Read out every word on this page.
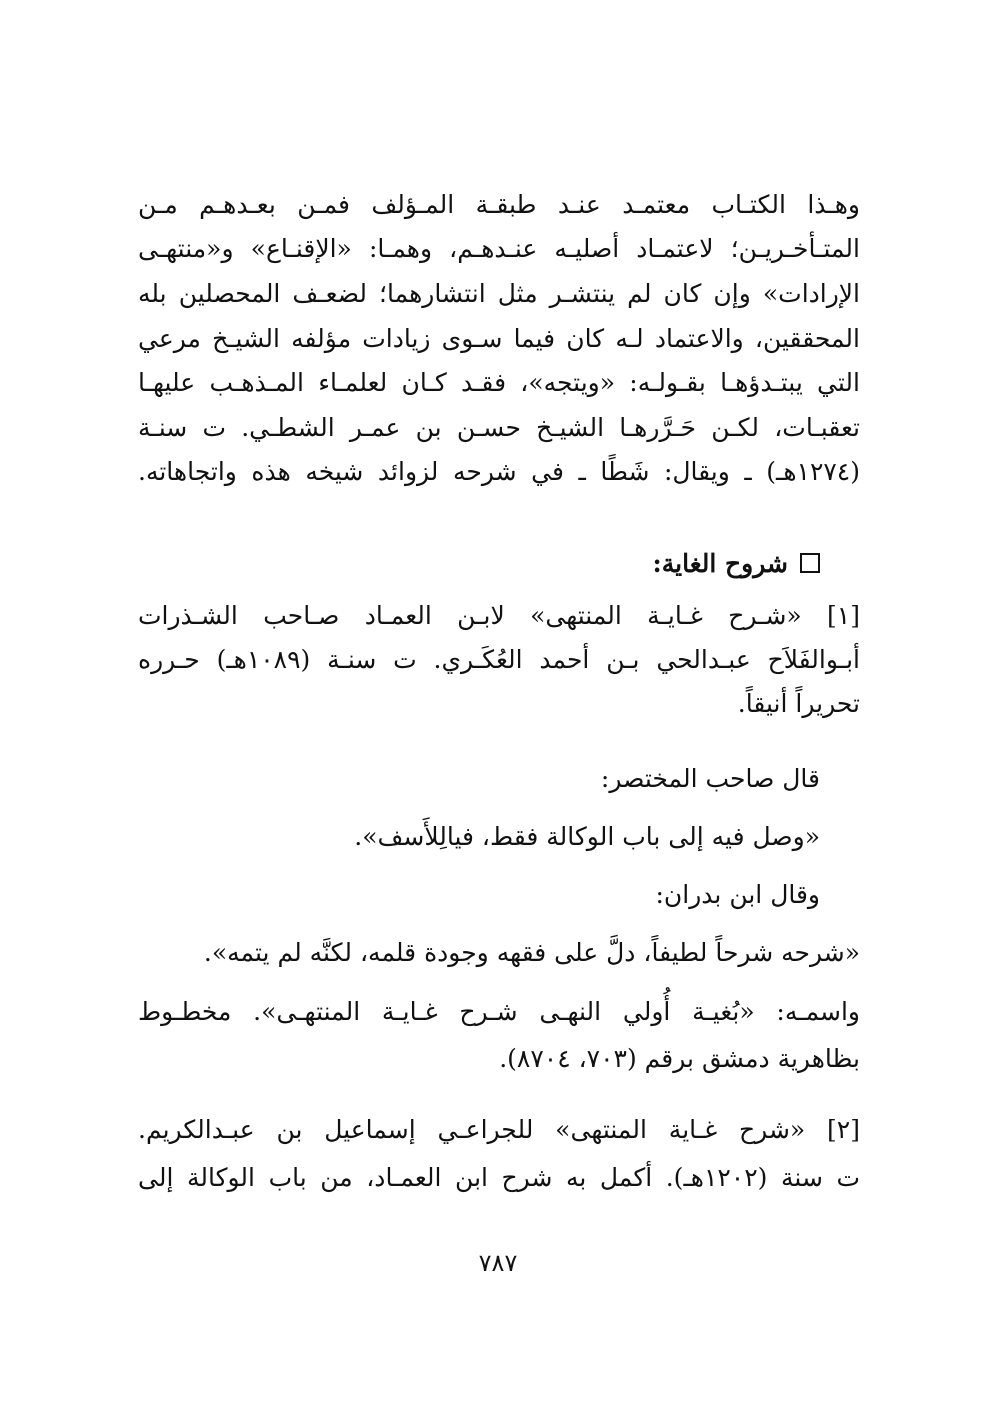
وهـذا الكتـاب معتمـد عنـد طبقـة المـؤلف فمـن بعـدهـم مـن
المتـأخـريـن؛ لاعتمـاد أصليـه عنـدهـم، وهمـا: «الإقنـاع» و«منتهـى
الإرادات» وإن كان لم ينتشـر مثل انتشارهما؛ لضعـف المحصلين بله
المحققين، والاعتماد لـه كان فيما سـوى زيادات مؤلفه الشيـخ مرعي
التي يبتـدؤهـا بقـولـه: «ويتجه»، فقـد كـان لعلمـاء المـذهـب عليهـا
تعقبـات، لكـن حَـرَّرهـا الشيـخ حسـن بن عمـر الشطـي. ت سنـة
(١٢٧٤هـ) ـ ويقال: شَطًا ـ في شرحه لزوائد شيخه هذه واتجاهاته.
شروح الغاية:
[١] «شـرح غـايـة المنتهى» لابـن العمـاد صـاحب الشـذرات
أبـوالفَلاَح عبـدالحي بـن أحمد العُكَـري. ت سنـة (١٠٨٩هـ) حـرره
تحريراً أنيقاً.
قال صاحب المختصر:
«وصل فيه إلى باب الوكالة فقط، فيالِلأَسف».
وقال ابن بدران:
«شرحه شرحاً لطيفاً، دلَّ على فقهه وجودة قلمه، لكنَّه لم يتمه».
واسمـه: «بُغيـة أُولي النهـى شـرح غـايـة المنتهـى». مخطـوط
بظاهرية دمشق برقم (٧٠٣، ٨٧٠٤).
[٢] «شرح غـاية المنتهى» للجراعـي إسماعيل بن عبـدالكريم.
ت سنة (١٢٠٢هـ). أكمل به شرح ابن العمـاد، من باب الوكالة إلى
٧٨٧
